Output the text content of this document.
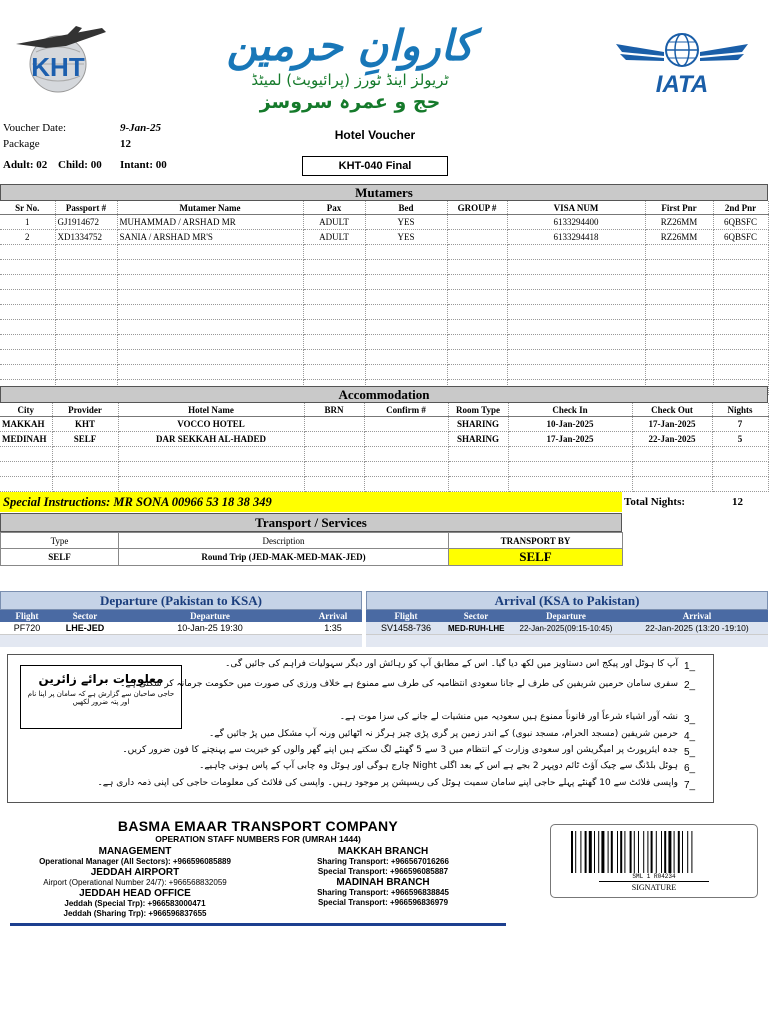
KHT	کاروانِ حرمین
ٹریولز اینڈ ٹورز (پرائیویٹ) لمیٹڈ
حج و عمرہ سروسز
IATA
Voucher Date:	9-Jan-25
Package	12
Hotel Voucher
Adult: 02 Child: 00 Intant: 00	KHT-040 Final
Mutamers
Sr No.	Passport #	Mutamer Name	Pax	Bed	GROUP #	VISA NUM	First Pnr	2nd Pnr
1	GJ1914672	MUHAMMAD / ARSHAD MR	ADULT	YES		6133294400	RZ26MM	6QBSFC
2	XD1334752	SANIA / ARSHAD MR'S	ADULT	YES		6133294418	RZ26MM	6QBSFC

Accommodation
City	Provider	Hotel Name	BRN	Confirm #	Room Type	Check In	Check Out	Nights
MAKKAH	KHT	VOCCO HOTEL			SHARING	10-Jan-2025	17-Jan-2025	7
MEDINAH	SELF	DAR SEKKAH AL-HADED			SHARING	17-Jan-2025	22-Jan-2025	5

Special Instructions: MR SONA 00966 53 18 38 349	Total Nights:	12
Transport / Services
Type	Description	TRANSPORT BY
SELF	Round Trip (JED-MAK-MED-MAK-JED)	SELF
Departure (Pakistan to KSA)
Flight	Sector	Departure	Arrival
PF720	LHE-JED	10-Jan-25 19:30	1:35

Arrival (KSA to Pakistan)
Flight	Sector	Departure	Arrival
SV1458-736	MED-RUH-LHE	22-Jan-2025(09:15-10:45)	22-Jan-2025 (13:20 -19:10)

معلومات برائے زائرین
حاجی صاحبان سے گزارش ہے کہ سامان پر اپنا نام اور پتہ ضرور لکھیں
آپ کا ہوٹل اور پیکج اس دستاویز میں لکھ دیا گیا۔ اس کے مطابق آپ کو رہائش اور دیگر سہولیات فراہم کی جائیں گی۔
سفری سامان حرمین شریفین کی طرف لے جانا سعودی انتظامیہ کی طرف سے ممنوع ہے خلاف ورزی کی صورت میں حکومت جرمانہ کر سکتی ہے۔
نشہ آور اشیاء شرعاً اور قانوناً ممنوع ہیں سعودیہ میں منشیات لے جانے کی سزا موت ہے۔
حرمین شریفین (مسجد الحرام، مسجد نبوی) کے اندر زمین پر گری پڑی چیز ہرگز نہ اٹھائیں ورنہ آپ مشکل میں پڑ جائیں گے۔
جدہ ایئرپورٹ پر امیگریشن اور سعودی وزارت کے انتظام میں 3 سے 5 گھنٹے لگ سکتے ہیں اپنے گھر والوں کو خیریت سے پہنچنے کا فون ضرور کریں۔
ہوٹل بلڈنگ سے چیک آؤٹ ٹائم دوپہر 2 بجے ہے اس کے بعد اگلی Night چارج ہوگی اور ہوٹل وہ چابی آپ کے پاس ہونی چاہیے۔
واپسی فلائٹ سے 10 گھنٹے پہلے حاجی اپنے سامان سمیت ہوٹل کی ریسپشن پر موجود رہیں۔ واپسی کی فلائٹ کی معلومات حاجی کی اپنی ذمہ داری ہے۔
1_
2_
3_
4_
5_
6_
7_
BASMA EMAAR TRANSPORT COMPANY
OPERATION STAFF NUMBERS FOR (UMRAH 1444)
MANAGEMENT
Operational Manager (All Sectors): +966596085889
JEDDAH AIRPORT
Airport (Operational Number 24/7): +966568832059
JEDDAH HEAD OFFICE
Jeddah (Special Trp): +966583000471
Jeddah (Sharing Trp): +966596837655
MAKKAH BRANCH
Sharing Transport: +966567016266
Special Transport: +966596085887
MADINAH BRANCH
Sharing Transport: +966596838845
Special Transport: +966596836979
SML 1 R04234
SIGNATURE
